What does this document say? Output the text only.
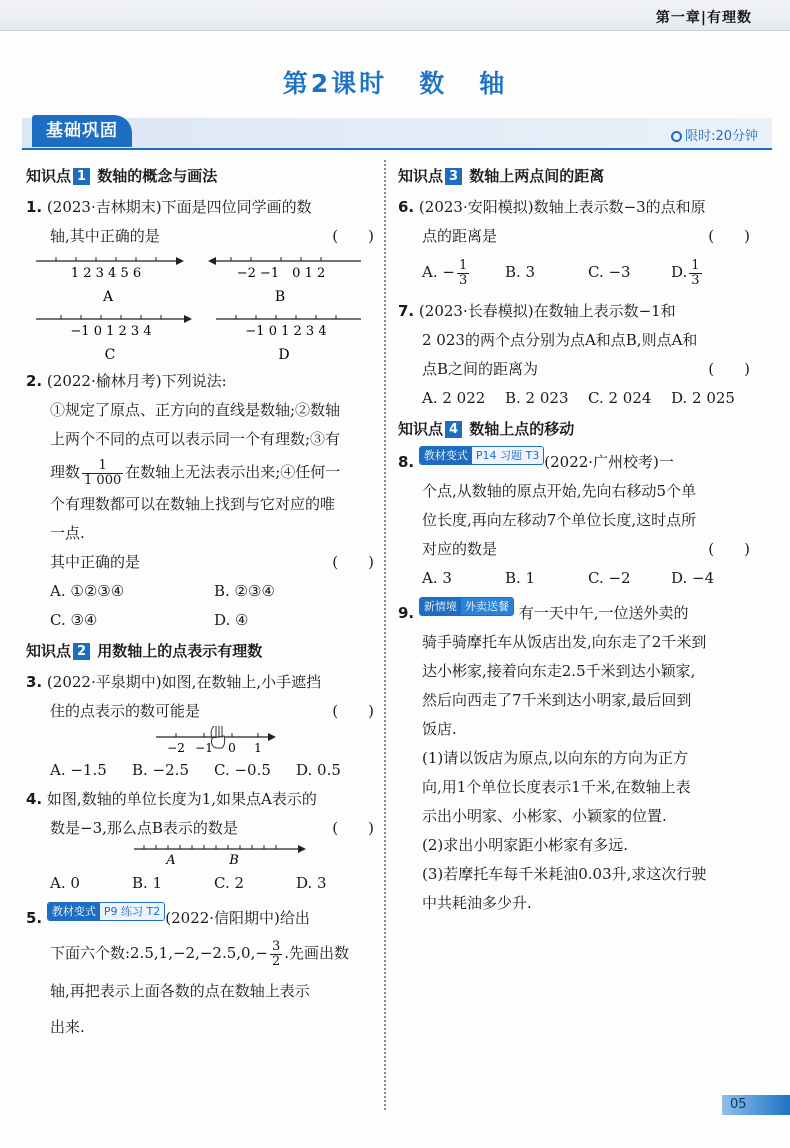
第一章|有理数
第2课时 数 轴
基础巩固	限时:20分钟
知识点 1 数轴的概念与画法
1. (2023·吉林期末)下面是四位同学画的数
轴,其中正确的是	(　　)
1 2 3 4 5 6
A
−2 −1　0 1 2
B
−1 0 1 2 3 4
C
−1 0 1 2 3 4
D
2. (2022·榆林月考)下列说法:
①规定了原点、正方向的直线是数轴;②数轴
上两个不同的点可以表示同一个有理数;③有
理数 $\frac{1}{1 000}$ 在数轴上无法表示出来;④任何一
个有理数都可以在数轴上找到与它对应的唯
一点.
其中正确的是	(　　)
A. ①②③④	B. ②③④
C. ③④	D. ④
知识点 2 用数轴上的点表示有理数
3. (2022·平泉期中)如图,在数轴上,小手遮挡
住的点表示的数可能是	(　　)
−2 −1 0 1
A. −1.5	B. −2.5	C. −0.5	D. 0.5
4. 如图,数轴的单位长度为1,如果点A表示的
数是−3,那么点B表示的数是	(　　)
A	B
A. 0	B. 1	C. 2	D. 3
5. 教材变式 P9 练习 T2 (2022·信阳期中)给出
下面六个数:2.5,1,−2,−2.5,0,− $\frac{3}{2}$ .先画出数
轴,再把表示上面各数的点在数轴上表示
出来.
知识点 3 数轴上两点间的距离
6. (2023·安阳模拟)数轴上表示数−3的点和原
点的距离是	(　　)
A. − $\frac{1}{3} B$. 3	C. −3	D. $\frac{1}{3}$
7. (2023·长春模拟)在数轴上表示数−1和
2 023的两个点分别为点A和点B,则点A和
点B之间的距离为	(　　)
A. 2 022	B. 2 023	C. 2 024	D. 2 025
知识点 4 数轴上点的移动
8. 教材变式 P14 习题 T3 (2022·广州校考)一
个点,从数轴的原点开始,先向右移动5个单
位长度,再向左移动7个单位长度,这时点所
对应的数是	(　　)
A. 3	B. 1	C. −2	D. −4
9. 新情境 外卖送餐 有一天中午,一位送外卖的
骑手骑摩托车从饭店出发,向东走了2千米到
达小彬家,接着向东走2.5千米到达小颖家,
然后向西走了7千米到达小明家,最后回到
饭店.
(1)请以饭店为原点,以向东的方向为正方
向,用1个单位长度表示1千米,在数轴上表
示出小明家、小彬家、小颖家的位置.
(2)求出小明家距小彬家有多远.
(3)若摩托车每千米耗油0.03升,求这次行驶
中共耗油多少升.
05
